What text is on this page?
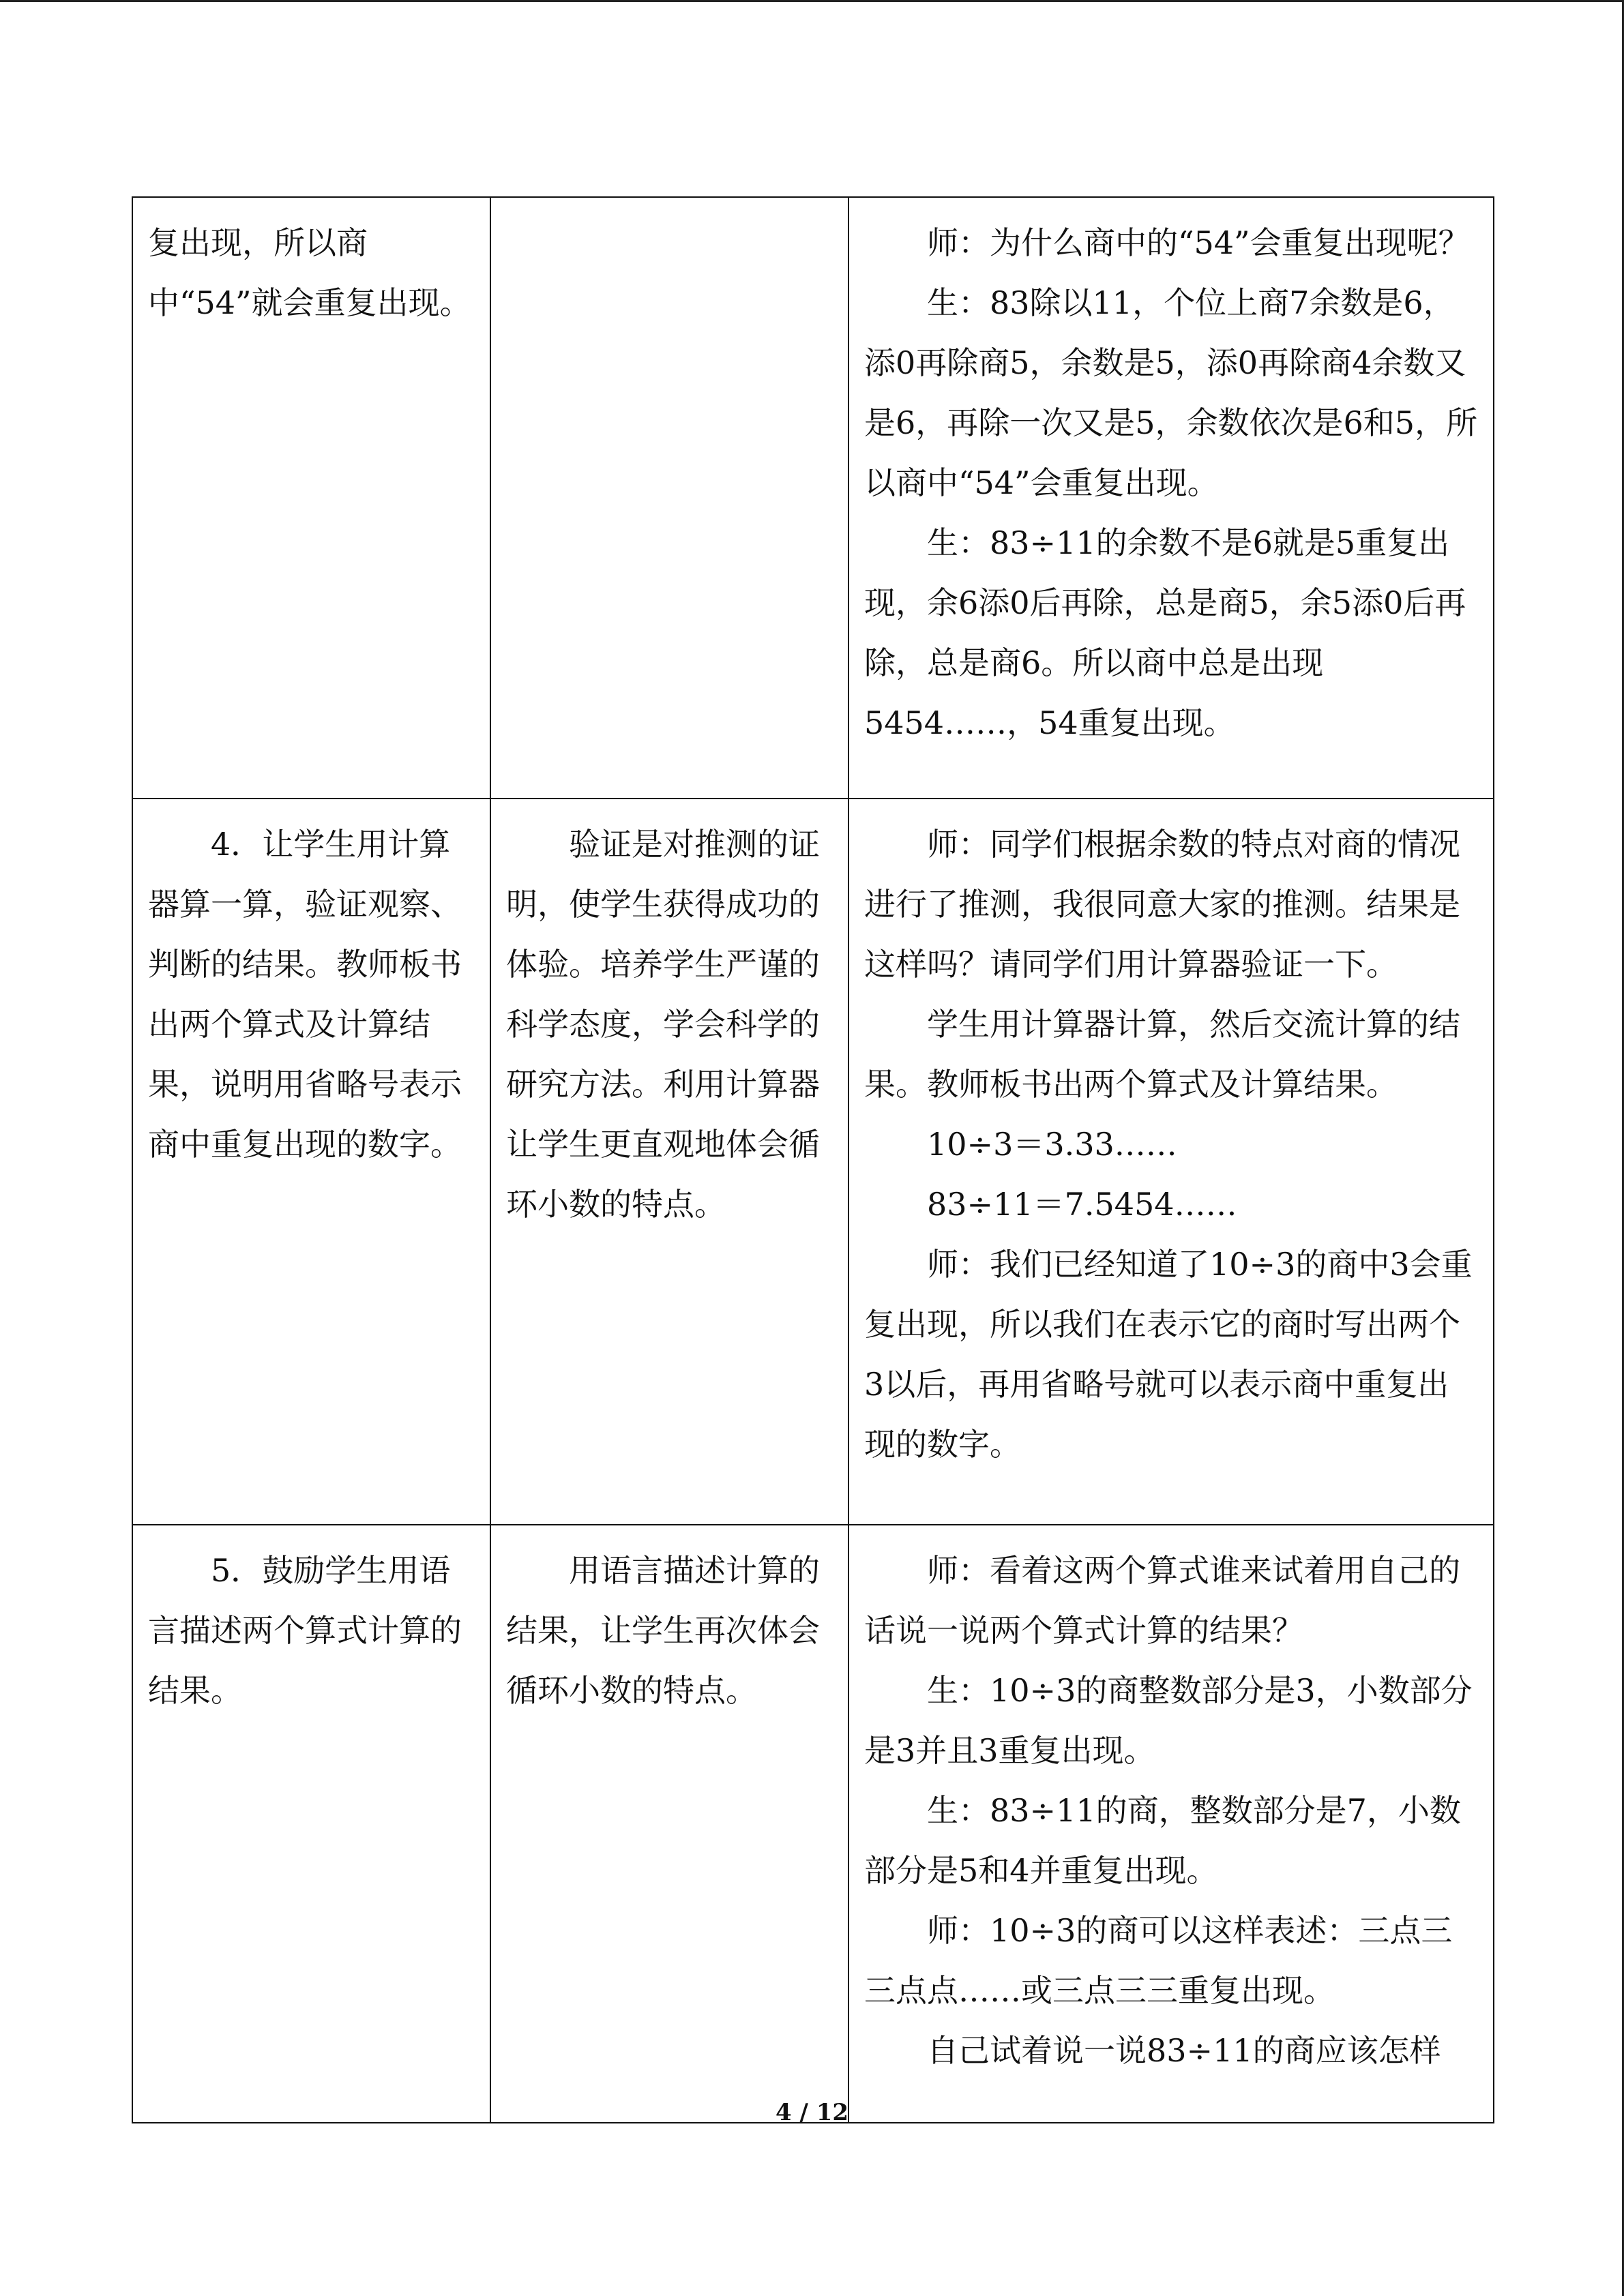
复出现，所以商中“54”就会重复出现。		师：为什么商中的“54”会重复出现呢？

生：83除以11，个位上商7余数是6，添0再除商5，余数是5，添0再除商4余数又是6，再除一次又是5，余数依次是6和5，所以商中“54”会重复出现。

生：83÷11的余数不是6就是5重复出现，余6添0后再除，总是商5，余5添0后再除，总是商6。所以商中总是出现5454……，54重复出现。

4．让学生用计算器算一算，验证观察、判断的结果。教师板书出两个算式及计算结果，说明用省略号表示商中重复出现的数字。	验证是对推测的证明，使学生获得成功的体验。培养学生严谨的科学态度，学会科学的研究方法。利用计算器让学生更直观地体会循环小数的特点。	师：同学们根据余数的特点对商的情况进行了推测，我很同意大家的推测。结果是这样吗？请同学们用计算器验证一下。

学生用计算器计算，然后交流计算的结果。教师板书出两个算式及计算结果。

10÷3＝3.33……

83÷11＝7.5454……

师：我们已经知道了10÷3的商中3会重复出现，所以我们在表示它的商时写出两个3以后，再用省略号就可以表示商中重复出现的数字。

5．鼓励学生用语言描述两个算式计算的结果。	用语言描述计算的结果，让学生再次体会循环小数的特点。	师：看着这两个算式谁来试着用自己的话说一说两个算式计算的结果？

生：10÷3的商整数部分是3，小数部分是3并且3重复出现。

生：83÷11的商，整数部分是7，小数部分是5和4并重复出现。

师：10÷3的商可以这样表述：三点三三点点……或三点三三重复出现。

自己试着说一说83÷11的商应该怎样

4 / 12
